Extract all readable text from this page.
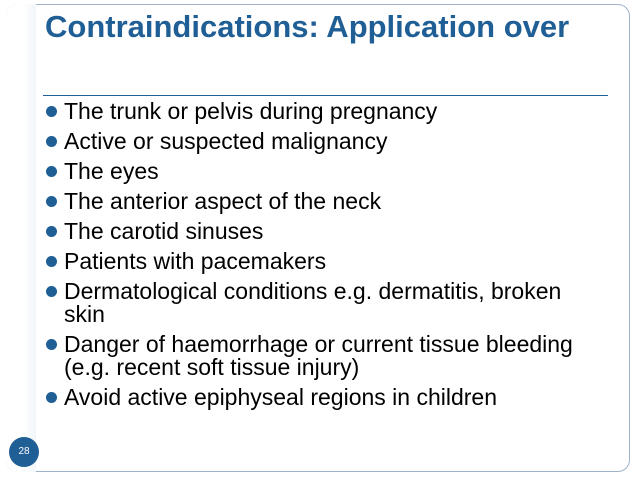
Contraindications: Application over
The trunk or pelvis during pregnancy
Active or suspected malignancy
The eyes
The anterior aspect of the neck
The carotid sinuses
Patients with pacemakers
Dermatological conditions e.g. dermatitis, broken skin
Danger of haemorrhage or current tissue bleeding (e.g. recent soft tissue injury)
Avoid active epiphyseal regions in children
28
